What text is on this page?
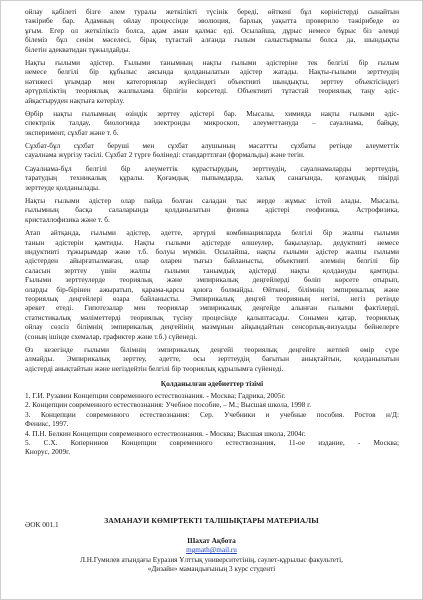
ойлау қабілеті бізге әлем туралы жеткілікті түсінік береді, өйткені бұл көріністерді сынайтын
тәжірибе бар. Адамның ойлау процессінде эволюция, барлық уақытта проверило тәжірибеде өз
ұғым. Егер ол жеткіліксіз болса, адам аман қалмас еді. Осылайша, дұрыс немесе бұрыс біз әлемді
білеміз бұл сенім мәселесі, бірақ тұтастай алғанда ғылым салыстырмалы болса да, шындықты
білетін адекватидан тұжылдайды.
Нақты ғылыми әдістер. Ғылыми танымның нақты ғылыми әдістеріне тек белгілі бір ғылым
немесе белгілі бір құбылыс аясында қолданылатын әдістер жатады. Нақты-ғылыми зерттеудің
нәтижесі ұғымдар мен категориялар жүйесіндегі объективті шындықты, зерттеу объектісіндегі
әртүрліліктің теориялық жалпылама бірлігін көрсетеді. Объективті тұтастай теориялық таңу әдіс-
айқастыруден нақтыға көтерілу.
Өрбір нақты ғылымның өзіндік зерттеу әдістері бар. Мысалы, химияда нақты ғылыми әдіс-
спектрлік талдау, биологияда электронды микроскоп, алеуметтануда – сауалнама, байқау,
эксперимент, сұхбат және т. б.
Сұхбат-бұл сұхбат беруші мен сұхбат алушының масаттты сұхбаты ретінде алеуметтік
сауалнама жүргізу тәсілі. Сұхбат 2 түрге бөлінеді: стандарттлған (формальды) және тегін.
Сауалнама-бұл белгілі бір алеуметтік құрастырудың, зерттеудің, сауалнамаларды зерттеудің,
таратудың техникалық құралы. Қоғамдық пыпымдарда, халық санағында, қоғамдық пікірді
зерттеуде қолданылады.
Нақты ғылыми әдістер олар пайда болған саладан тыс жерде жұмыс істей алады. Мысалы,
ғылымның басқа салаларында қолданылатын физика әдістері геофизика, Астрофизика,
кристаллофизика және т. б.
Атап айтқанда, ғылыми әдістер, әдетте, әртүрлі комбинацияларда белгілі бір жалпы ғылыми
танын әдістерін қамтиды. Нақты ғылыми әдістерде өлшеулер, бақылаулар, дедуктивті немесе
индуктивті тұжырымдар және т.б. болуы мүмкін. Осылайша, нақты ғылыми әдістер жалпы ғылыми
әдістерден айырғатылмаған, олар оларен тығыз байланысты, объективті әлемнің белгілі бір
саласын зерттеу үшін жалпы ғылыми танымдық әдістерді нақты қолдануды қамтиды.
Ғылыми зерттеулерде теориялық және эмпирикалық деңгейлерді бөліп көрсете отырып,
оларды бір-бірінен ажыратып, қарама-қарсы қоюға болмайды. Өйткені, білімнің эмпирикалық және
теориялық деңгейлері өзара байланысты. Эмпирикалық деңгей теорияның негізі, негіз ретінде
әрекет етеді. Гипотезалар мен теориялар эмпирикалық деңгейде алынған ғылыми фактілерді,
статистикалық мәліметтерді теориялық түсіну процесінде қалыптасады. Сонымен қатар, теориялық
ойлау сөзсіз білімнің эмпирикалық деңгейінің мазмұнын айқындайтын сенсорлық-визуалды бейнелерге
(соның ішінде схемалар, графиктер және т.б.) сүйенеді.
Өз кезегінде ғылыми білімнің эмпирикалық деңгейі теориялық деңгейге жетпей өмір сүре
алмайды. Эмпирикалық зерттеу, әдетте, осы зерттеудің бағытын анықтайтын, қолданылатын
әдістерді анықтайтын және негіздейтін белгілі бір теориялық құрылымға сүйенеді.
Қолданылған әдебиеттер тізімі
1. Г.И. Рузавин Концепции современного естествознания. - Москва; Гадрика, 2005г.
2. Концепции современного естествознания: Учебное пособие, – М.; Высшая школа, 1998 г.
3. Концепции современного естествознания: Сер. Учебники и учебные пособия. Ростов н/Д:
Феникс, 1997.
4. П.Н. Белкин Концепции современного естествознания. - Москва; Высшая школа, 2004г.
5. С.Х. Копернинов Концепции современного естествознания, 11-ое издание, - Москва;
Кнорус, 2009г.
ӘОК 001.1	ЗАМАНАУИ КӨМІРТЕКТІ ТАЛШЫҚТАРЫ МАТЕРИАЛЫ
Шахат Ақбота
mgmath@mail.ru
Л.Н.Гумилев атындағы Еуразия Ұлттық университетінің, сәулет-құрылыс факультеті,
«Дизайн» мамандығының 3 курс студенті
